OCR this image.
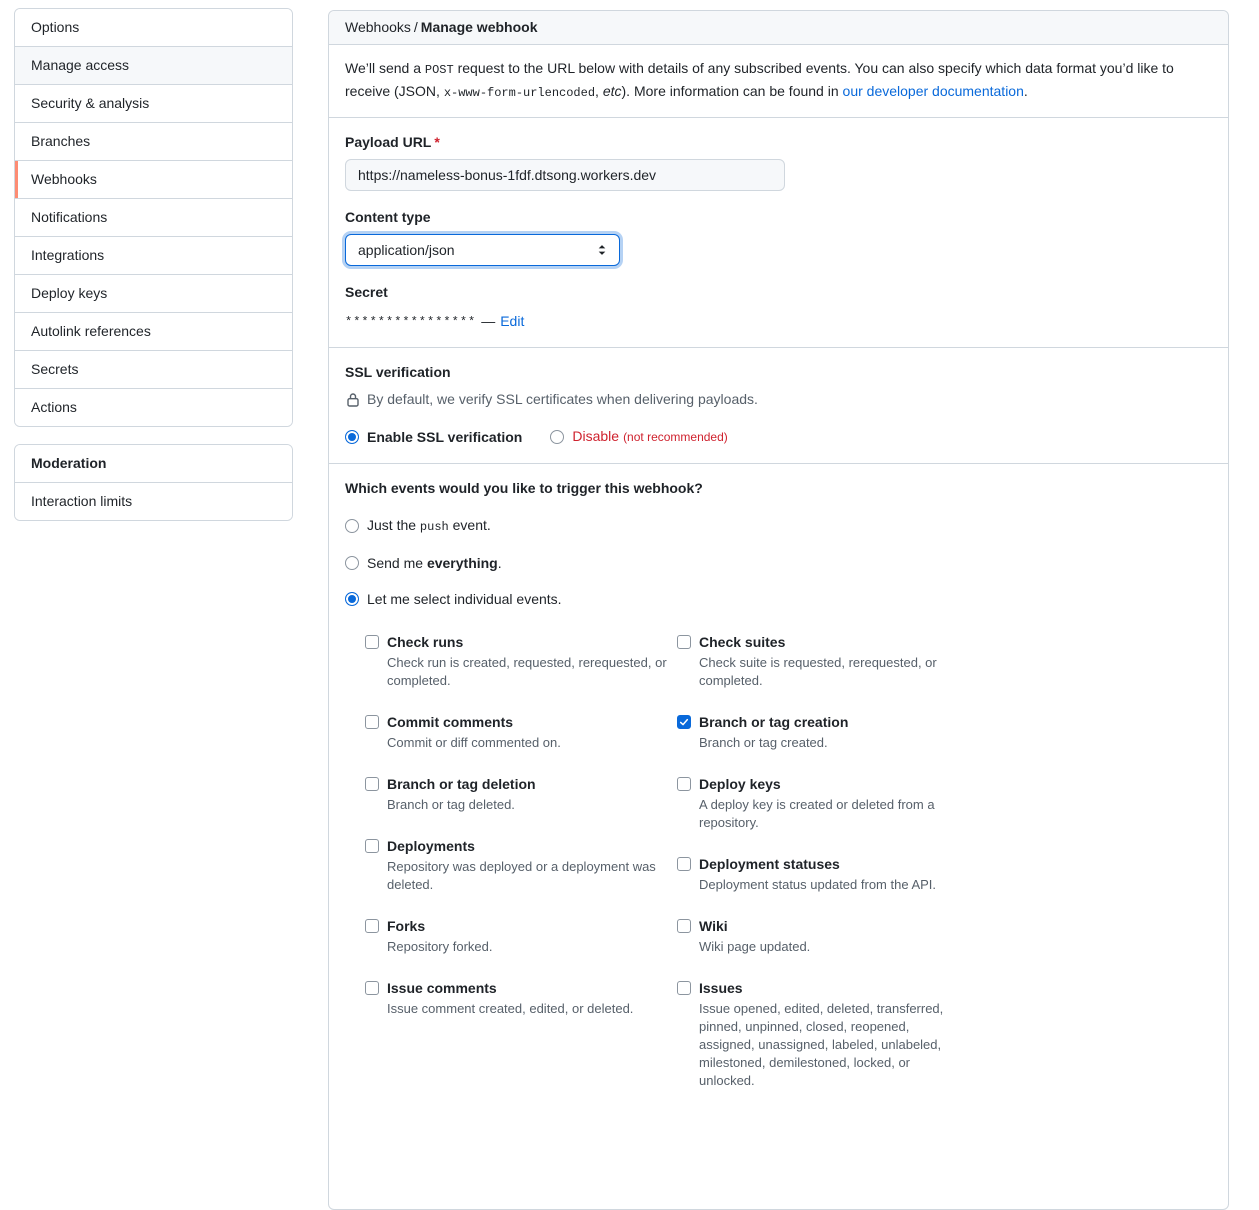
Options
Manage access
Security & analysis
Branches
Webhooks
Notifications
Integrations
Deploy keys
Autolink references
Secrets
Actions
Moderation
Interaction limits
Webhooks / Manage webhook
We’ll send a POST request to the URL below with details of any subscribed events. You can also specify which data format you’d like to receive (JSON, x-www-form-urlencoded, etc). More information can be found in our developer documentation.
Payload URL *
https://nameless-bonus-1fdf.dtsong.workers.dev
Content type
application/json
Secret
**************** — Edit
SSL verification
By default, we verify SSL certificates when delivering payloads.
Enable SSL verification	Disable (not recommended)
Which events would you like to trigger this webhook?
Just the push event.
Send me everything.
Let me select individual events.
Check runs
Check run is created, requested, rerequested, or completed.
Commit comments
Commit or diff commented on.
Branch or tag deletion
Branch or tag deleted.
Deployments
Repository was deployed or a deployment was deleted.
Forks
Repository forked.
Issue comments
Issue comment created, edited, or deleted.
Check suites
Check suite is requested, rerequested, or completed.
Branch or tag creation
Branch or tag created.
Deploy keys
A deploy key is created or deleted from a repository.
Deployment statuses
Deployment status updated from the API.
Wiki
Wiki page updated.
Issues
Issue opened, edited, deleted, transferred, pinned, unpinned, closed, reopened, assigned, unassigned, labeled, unlabeled, milestoned, demilestoned, locked, or unlocked.
